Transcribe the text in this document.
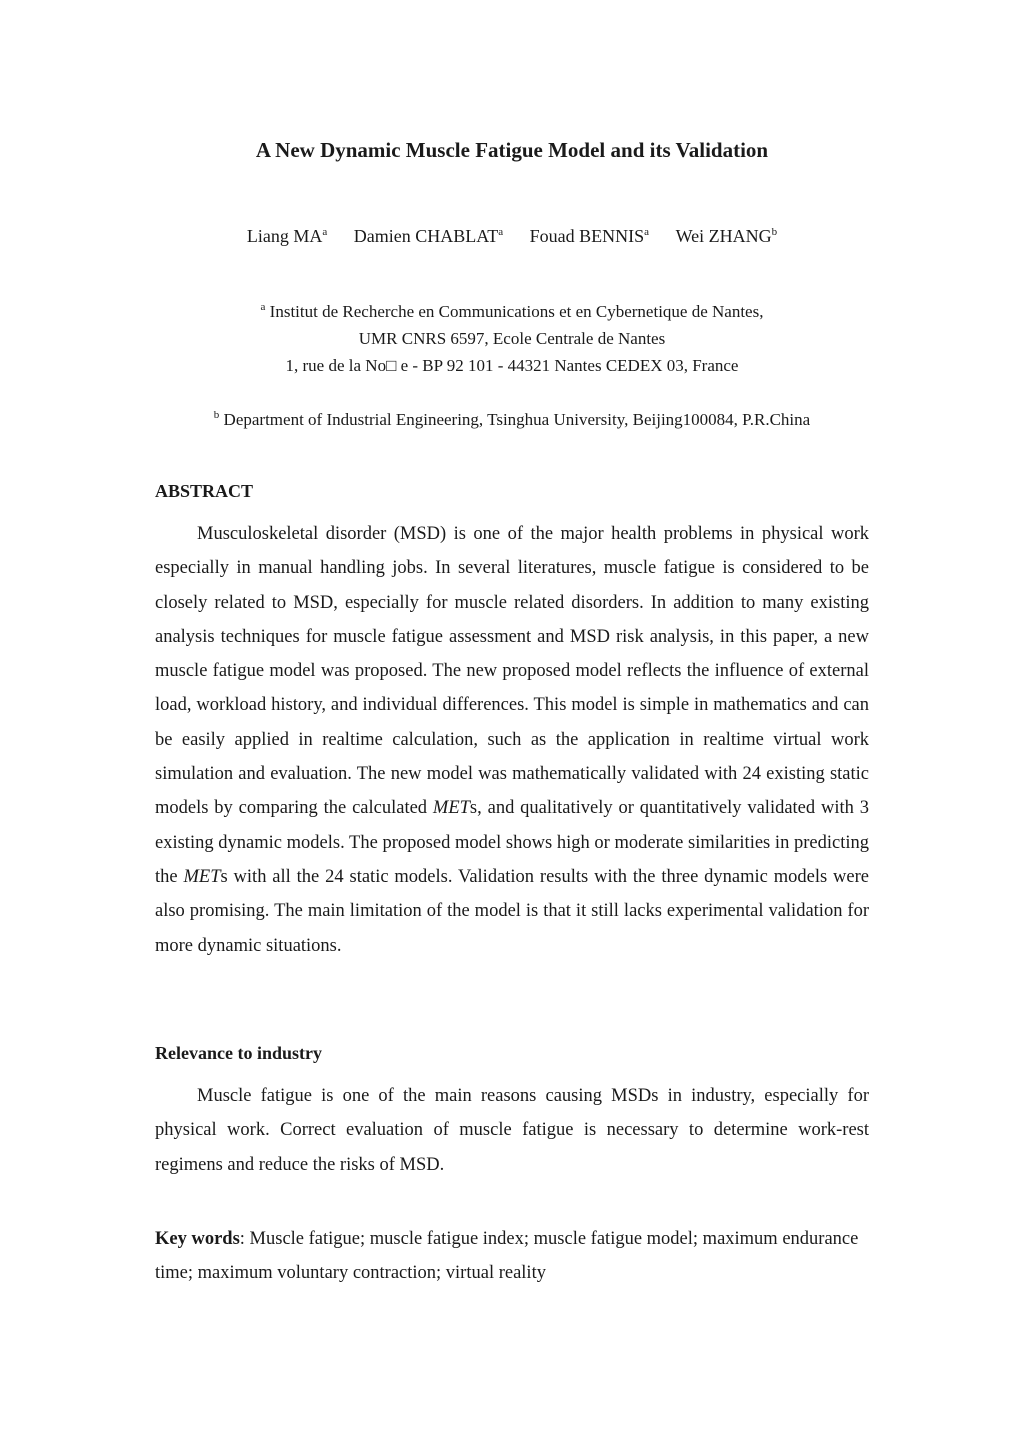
A New Dynamic Muscle Fatigue Model and its Validation
Liang $MA^a$ Damien CHABLAT$^a$ Fouad BENNIS$^a$ Wei ZHANG$^b$
$^a$ Institut de Recherche en Communications et en Cybernetique de Nantes,
UMR CNRS 6597, Ecole Centrale de Nantes
1, rue de la No□ e - BP 92 101 - 44321 Nantes CEDEX 03, France
$^b$ Department of Industrial Engineering, Tsinghua University, Beijing100084, P.R.China
ABSTRACT

Musculoskeletal disorder (MSD) is one of the major health problems in physical work especially in manual handling jobs. In several literatures, muscle fatigue is considered to be closely related to MSD, especially for muscle related disorders. In addition to many existing analysis techniques for muscle fatigue assessment and MSD risk analysis, in this paper, a new muscle fatigue model was proposed. The new proposed model reflects the influence of external load, workload history, and individual differences. This model is simple in mathematics and can be easily applied in realtime calculation, such as the application in realtime virtual work simulation and evaluation. The new model was mathematically validated with 24 existing static models by comparing the calculated METs, and qualitatively or quantitatively validated with 3 existing dynamic models. The proposed model shows high or moderate similarities in predicting the METs with all the 24 static models. Validation results with the three dynamic models were also promising. The main limitation of the model is that it still lacks experimental validation for more dynamic situations.

Relevance to industry

Muscle fatigue is one of the main reasons causing MSDs in industry, especially for physical work. Correct evaluation of muscle fatigue is necessary to determine work-rest regimens and reduce the risks of MSD.

Key words: Muscle fatigue; muscle fatigue index; muscle fatigue model; maximum endurance time; maximum voluntary contraction; virtual reality
